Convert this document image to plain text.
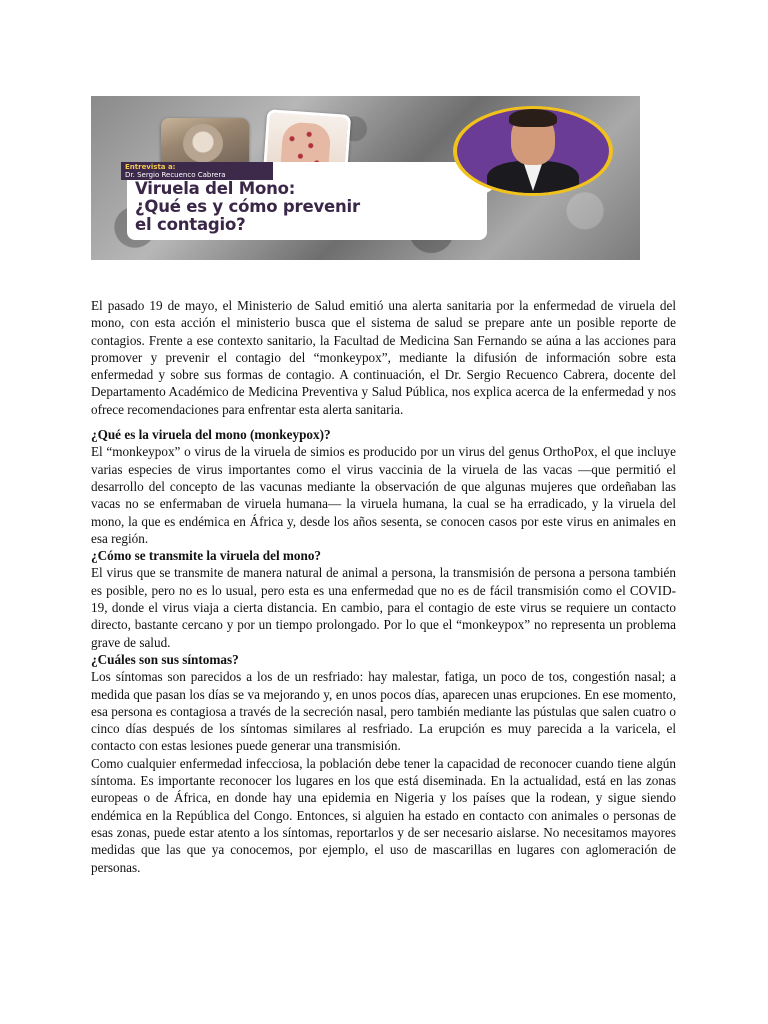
Entrevista a:
Dr. Sergio Recuenco Cabrera
Viruela del Mono:
¿Qué es y cómo prevenir
el contagio?

El pasado 19 de mayo, el Ministerio de Salud emitió una alerta sanitaria por la enfermedad de viruela del mono, con esta acción el ministerio busca que el sistema de salud se prepare ante un posible reporte de contagios. Frente a ese contexto sanitario, la Facultad de Medicina San Fernando se aúna a las acciones para promover y prevenir el contagio del “monkeypox”, mediante la difusión de información sobre esta enfermedad y sobre sus formas de contagio. A continuación, el Dr. Sergio Recuenco Cabrera, docente del Departamento Académico de Medicina Preventiva y Salud Pública, nos explica acerca de la enfermedad y nos ofrece recomendaciones para enfrentar esta alerta sanitaria.

¿Qué es la viruela del mono (monkeypox)?

El “monkeypox” o virus de la viruela de simios es producido por un virus del genus OrthoPox, el que incluye varias especies de virus importantes como el virus vaccinia de la viruela de las vacas —que permitió el desarrollo del concepto de las vacunas mediante la observación de que algunas mujeres que ordeñaban las vacas no se enfermaban de viruela humana— la viruela humana, la cual se ha erradicado, y la viruela del mono, la que es endémica en África y, desde los años sesenta, se conocen casos por este virus en animales en esa región.

¿Cómo se transmite la viruela del mono?

El virus que se transmite de manera natural de animal a persona, la transmisión de persona a persona también es posible, pero no es lo usual, pero esta es una enfermedad que no es de fácil transmisión como el COVID-19, donde el virus viaja a cierta distancia. En cambio, para el contagio de este virus se requiere un contacto directo, bastante cercano y por un tiempo prolongado. Por lo que el “monkeypox” no representa un problema grave de salud.

¿Cuáles son sus síntomas?

Los síntomas son parecidos a los de un resfriado: hay malestar, fatiga, un poco de tos, congestión nasal; a medida que pasan los días se va mejorando y, en unos pocos días, aparecen unas erupciones. En ese momento, esa persona es contagiosa a través de la secreción nasal, pero también mediante las pústulas que salen cuatro o cinco días después de los síntomas similares al resfriado. La erupción es muy parecida a la varicela, el contacto con estas lesiones puede generar una transmisión.

Como cualquier enfermedad infecciosa, la población debe tener la capacidad de reconocer cuando tiene algún síntoma. Es importante reconocer los lugares en los que está diseminada. En la actualidad, está en las zonas europeas o de África, en donde hay una epidemia en Nigeria y los países que la rodean, y sigue siendo endémica en la República del Congo. Entonces, si alguien ha estado en contacto con animales o personas de esas zonas, puede estar atento a los síntomas, reportarlos y de ser necesario aislarse. No necesitamos mayores medidas que las que ya conocemos, por ejemplo, el uso de mascarillas en lugares con aglomeración de personas.
